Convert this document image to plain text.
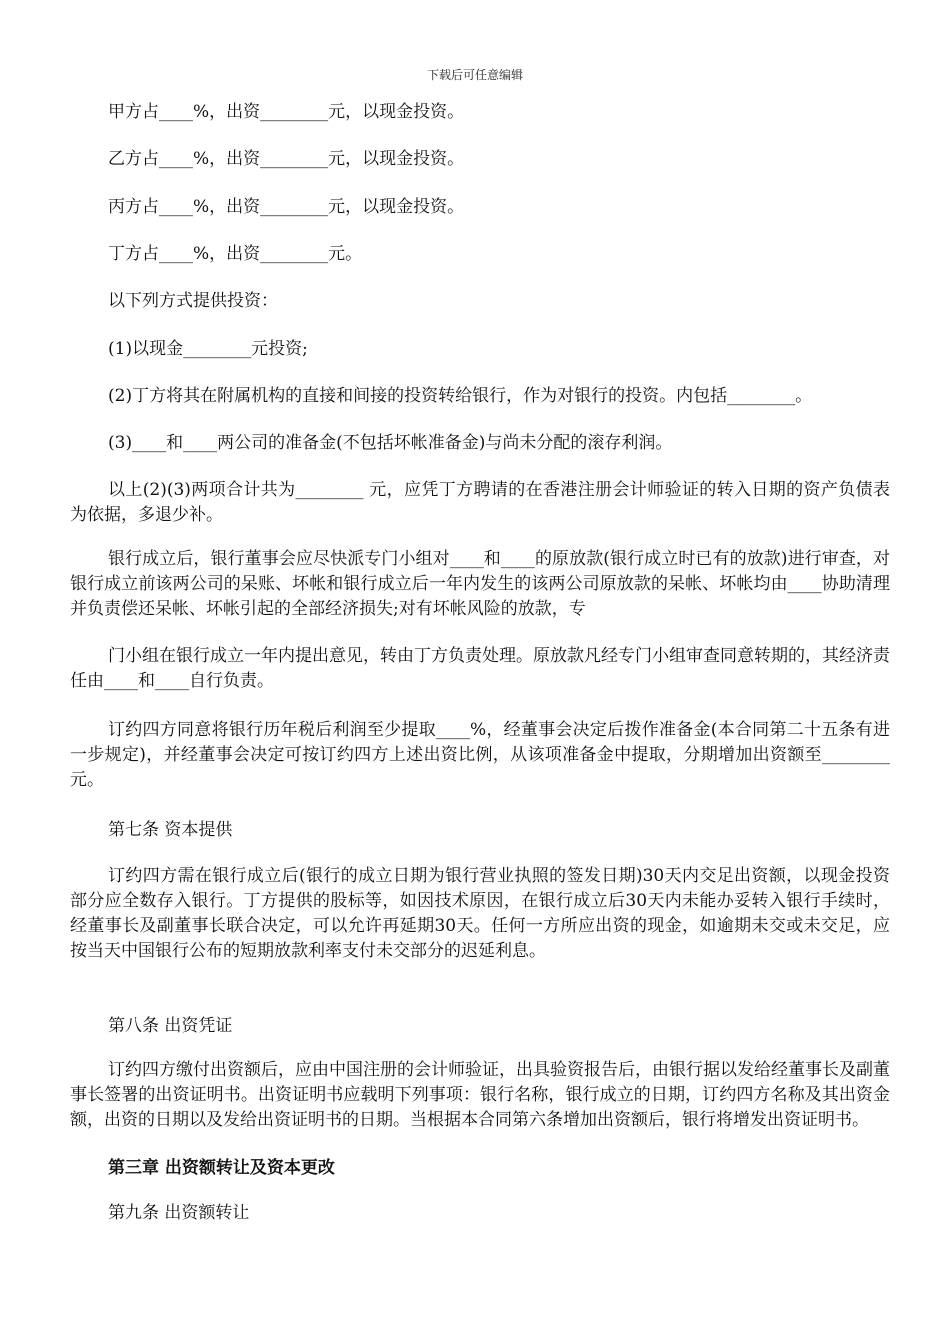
下载后可任意编辑
甲方占____%，出资________元，以现金投资。
乙方占____%，出资________元，以现金投资。
丙方占____%，出资________元，以现金投资。
丁方占____%，出资________元。
以下列方式提供投资：
(1)以现金________元投资;
(2)丁方将其在附属机构的直接和间接的投资转给银行，作为对银行的投资。内包括________。
(3)____和____两公司的准备金(不包括坏帐准备金)与尚未分配的滚存利润。
以上(2)(3)两项合计共为________ 元，应凭丁方聘请的在香港注册会计师验证的转入日期的资产负债表为依据，多退少补。
银行成立后，银行董事会应尽快派专门小组对____和____的原放款(银行成立时已有的放款)进行审查，对银行成立前该两公司的呆账、坏帐和银行成立后一年内发生的该两公司原放款的呆帐、坏帐均由____协助清理并负责偿还呆帐、坏帐引起的全部经济损失;对有坏帐风险的放款，专
门小组在银行成立一年内提出意见，转由丁方负责处理。原放款凡经专门小组审查同意转期的，其经济责任由____和____自行负责。
订约四方同意将银行历年税后利润至少提取____%，经董事会决定后拨作准备金(本合同第二十五条有进一步规定)，并经董事会决定可按订约四方上述出资比例，从该项准备金中提取，分期增加出资额至________元。
第七条 资本提供
订约四方需在银行成立后(银行的成立日期为银行营业执照的签发日期)30天内交足出资额，以现金投资部分应全数存入银行。丁方提供的股标等，如因技术原因，在银行成立后30天内未能办妥转入银行手续时，经董事长及副董事长联合决定，可以允许再延期30天。任何一方所应出资的现金，如逾期未交或未交足，应按当天中国银行公布的短期放款利率支付未交部分的迟延利息。
第八条 出资凭证
订约四方缴付出资额后，应由中国注册的会计师验证，出具验资报告后，由银行据以发给经董事长及副董事长签署的出资证明书。出资证明书应载明下列事项：银行名称，银行成立的日期，订约四方名称及其出资金额，出资的日期以及发给出资证明书的日期。当根据本合同第六条增加出资额后，银行将增发出资证明书。
第三章 出资额转让及资本更改
第九条 出资额转让
